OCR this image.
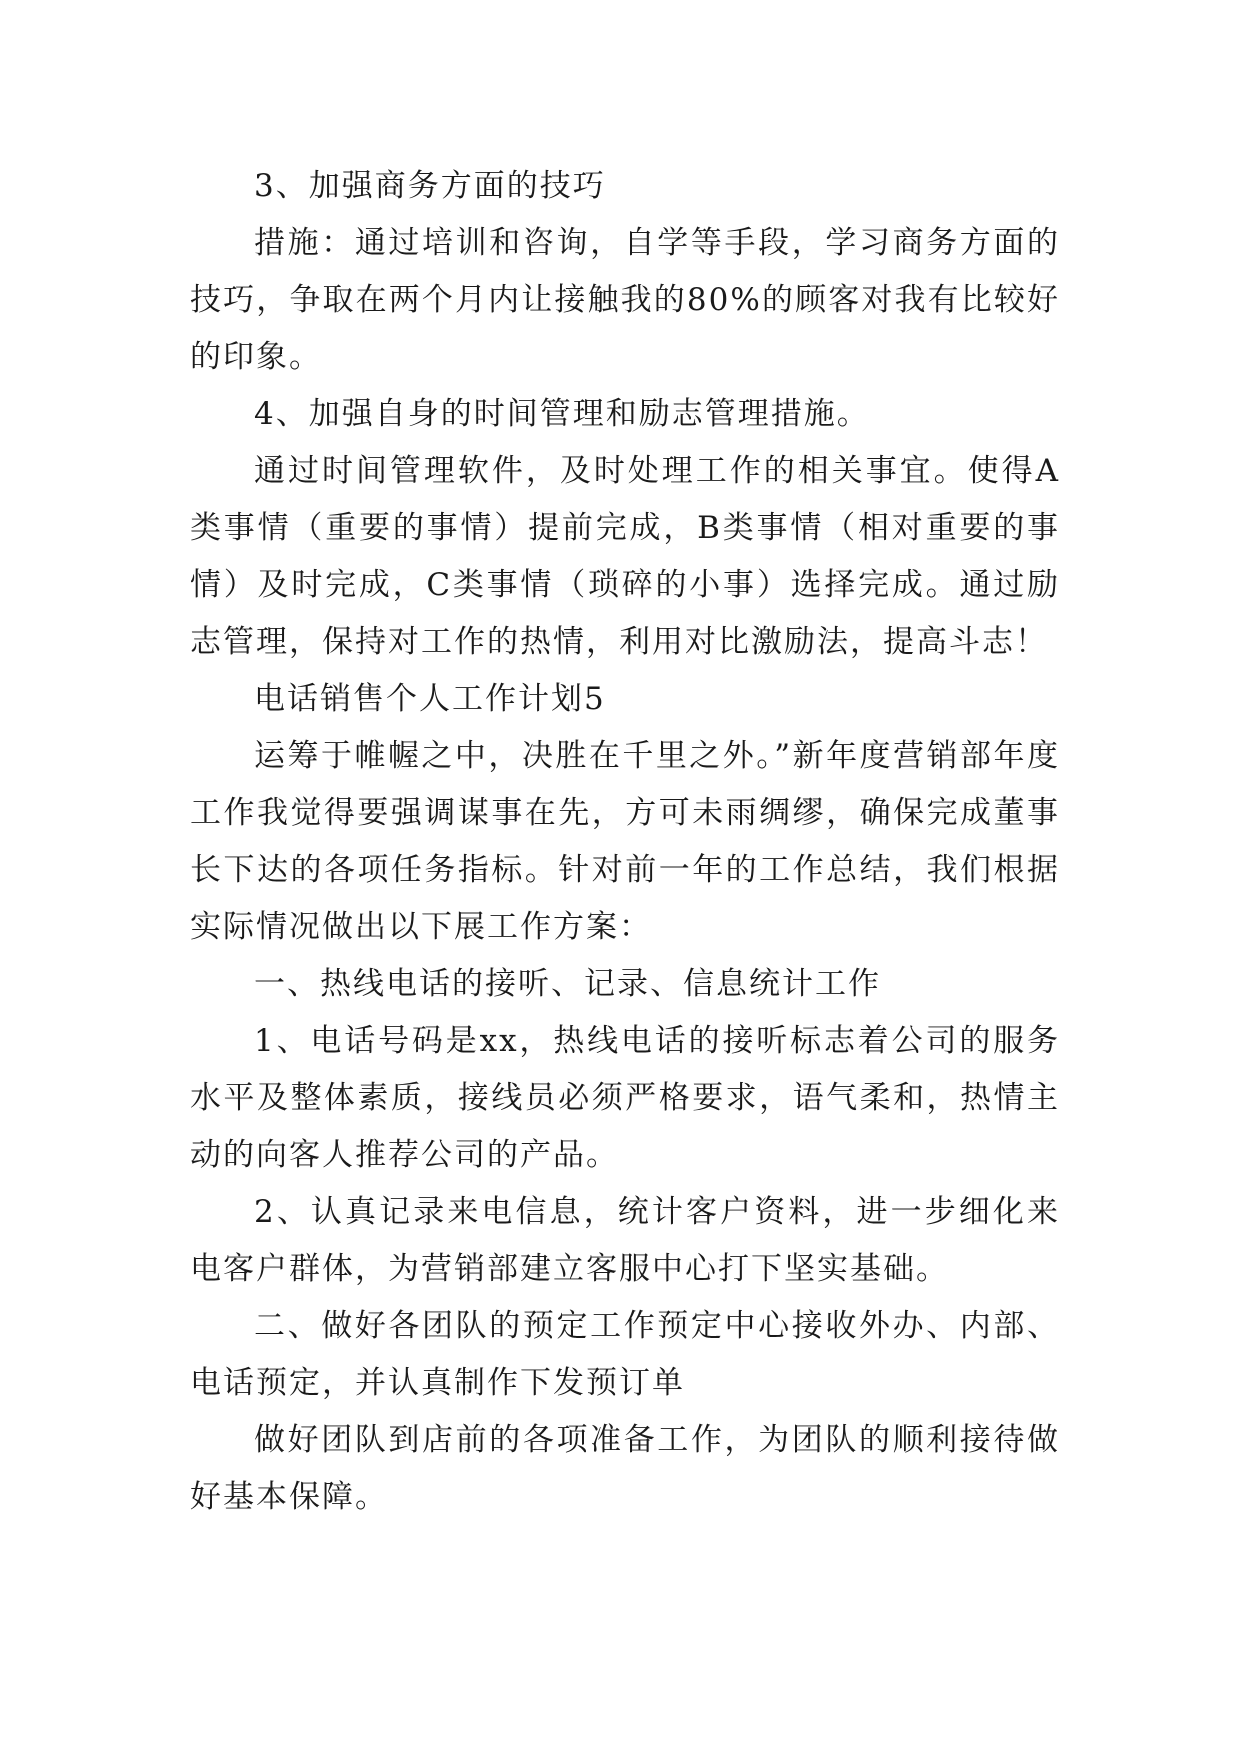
3、加强商务方面的技巧

措施：通过培训和咨询，自学等手段，学习商务方面的技巧，争取在两个月内让接触我的80%的顾客对我有比较好的印象。

4、加强自身的时间管理和励志管理措施。

通过时间管理软件，及时处理工作的相关事宜。使得A类事情（重要的事情）提前完成，B类事情（相对重要的事情）及时完成，C类事情（琐碎的小事）选择完成。通过励志管理，保持对工作的热情，利用对比激励法，提高斗志！

电话销售个人工作计划5

运筹于帷幄之中，决胜在千里之外。”新年度营销部年度工作我觉得要强调谋事在先，方可未雨绸缪，确保完成董事长下达的各项任务指标。针对前一年的工作总结，我们根据实际情况做出以下展工作方案：

一、热线电话的接听、记录、信息统计工作

1、电话号码是xx，热线电话的接听标志着公司的服务水平及整体素质，接线员必须严格要求，语气柔和，热情主动的向客人推荐公司的产品。

2、认真记录来电信息，统计客户资料，进一步细化来电客户群体，为营销部建立客服中心打下坚实基础。

二、做好各团队的预定工作预定中心接收外办、内部、电话预定，并认真制作下发预订单

做好团队到店前的各项准备工作，为团队的顺利接待做好基本保障。
